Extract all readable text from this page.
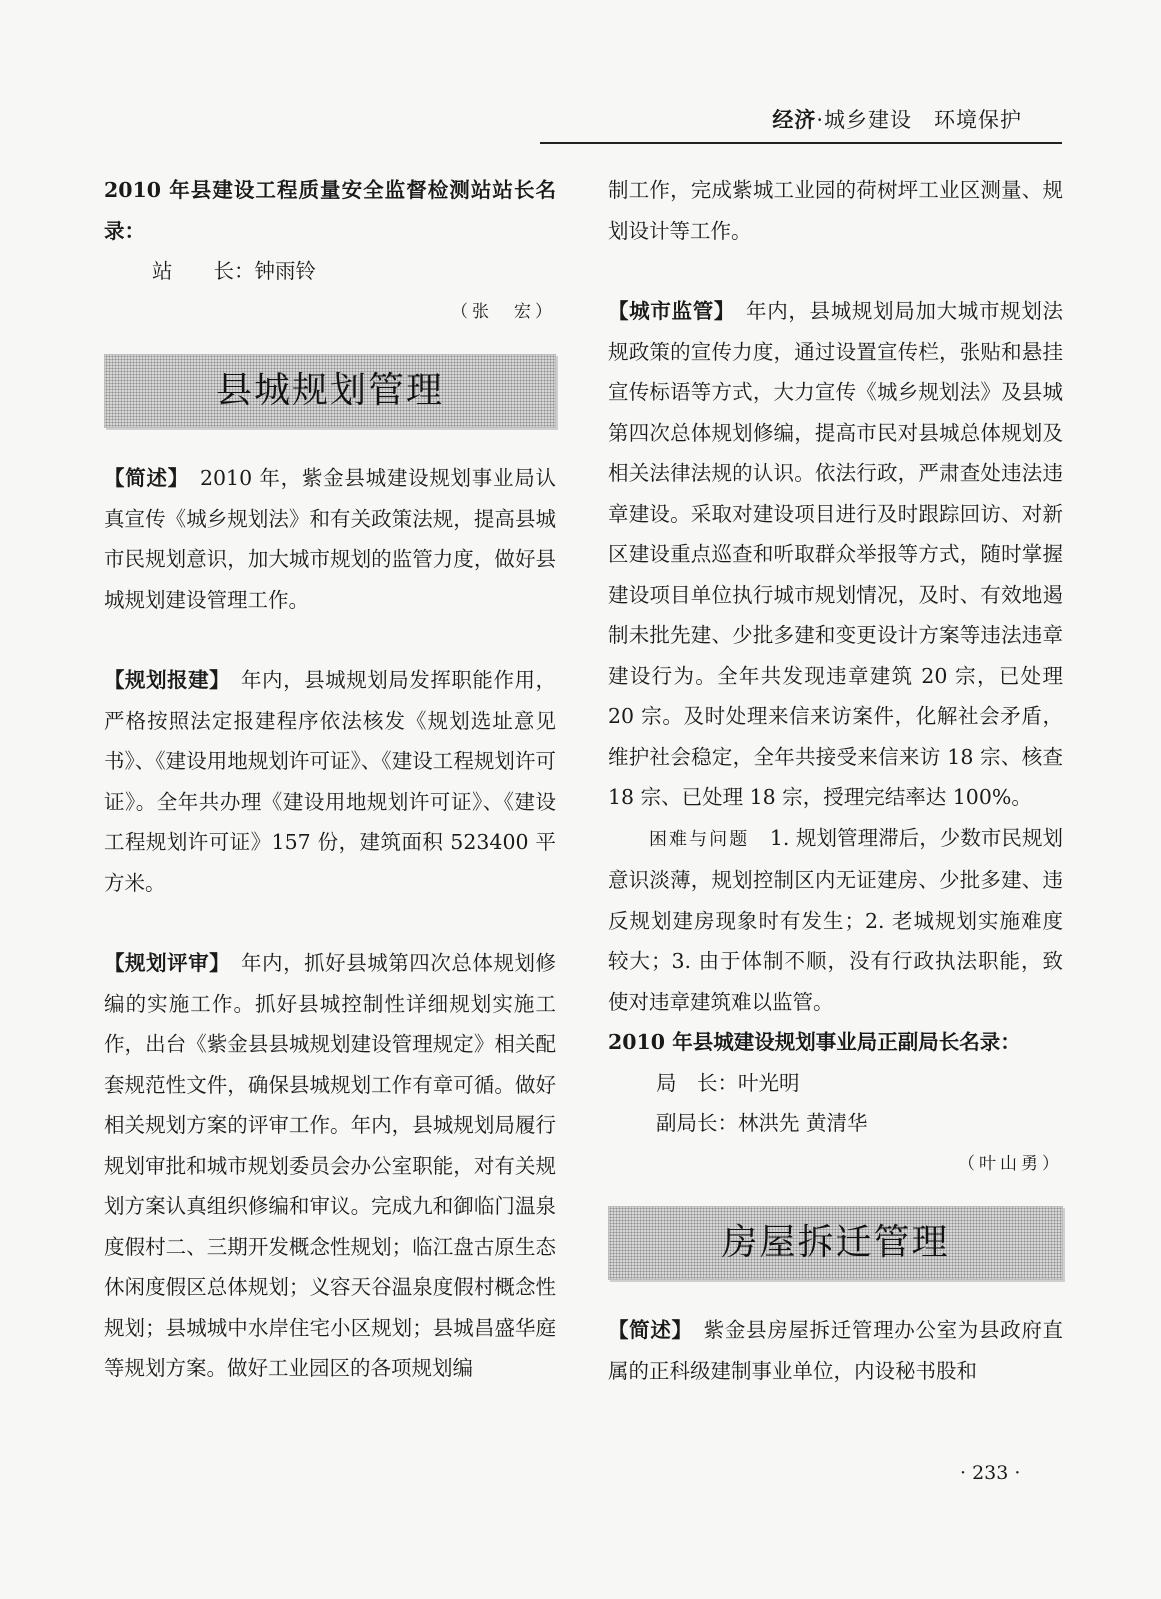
经济·城乡建设　环境保护

2010 年县建设工程质量安全监督检测站站长名录：

站　　长：钟雨铃

（张　宏）

县城规划管理

【简述】　 2010 年，紫金县城建设规划事业局认真宣传《城乡规划法》和有关政策法规，提高县城市民规划意识，加大城市规划的监管力度，做好县城规划建设管理工作。

【规划报建】　 年内，县城规划局发挥职能作用，严格按照法定报建程序依法核发《规划选址意见书》、《建设用地规划许可证》、《建设工程规划许可证》。全年共办理《建设用地规划许可证》、《建设工程规划许可证》157 份，建筑面积 523400 平方米。

【规划评审】　 年内，抓好县城第四次总体规划修编的实施工作。抓好县城控制性详细规划实施工作，出台《紫金县县城规划建设管理规定》相关配套规范性文件，确保县城规划工作有章可循。做好相关规划方案的评审工作。年内，县城规划局履行规划审批和城市规划委员会办公室职能，对有关规划方案认真组织修编和审议。完成九和御临门温泉度假村二、三期开发概念性规划；临江盘古原生态休闲度假区总体规划；义容天谷温泉度假村概念性规划；县城城中水岸住宅小区规划；县城昌盛华庭等规划方案。做好工业园区的各项规划编

制工作，完成紫城工业园的荷树坪工业区测量、规划设计等工作。

【城市监管】　 年内，县城规划局加大城市规划法规政策的宣传力度，通过设置宣传栏，张贴和悬挂宣传标语等方式，大力宣传《城乡规划法》及县城第四次总体规划修编，提高市民对县城总体规划及相关法律法规的认识。依法行政，严肃查处违法违章建设。采取对建设项目进行及时跟踪回访、对新区建设重点巡查和听取群众举报等方式，随时掌握建设项目单位执行城市规划情况，及时、有效地遏制未批先建、少批多建和变更设计方案等违法违章建设行为。全年共发现违章建筑 20 宗，已处理 20 宗。及时处理来信来访案件，化解社会矛盾，维护社会稳定，全年共接受来信来访 18 宗、核查 18 宗、已处理 18 宗，授理完结率达 100%。

困难与问题　 1. 规划管理滞后，少数市民规划意识淡薄，规划控制区内无证建房、少批多建、违反规划建房现象时有发生；2. 老城规划实施难度较大；3. 由于体制不顺，没有行政执法职能，致使对违章建筑难以监管。

2010 年县城建设规划事业局正副局长名录：

局　长：叶光明

副局长：林洪先 黄清华

（叶山勇）

房屋拆迁管理

【简述】　 紫金县房屋拆迁管理办公室为县政府直属的正科级建制事业单位，内设秘书股和

· 233 ·
